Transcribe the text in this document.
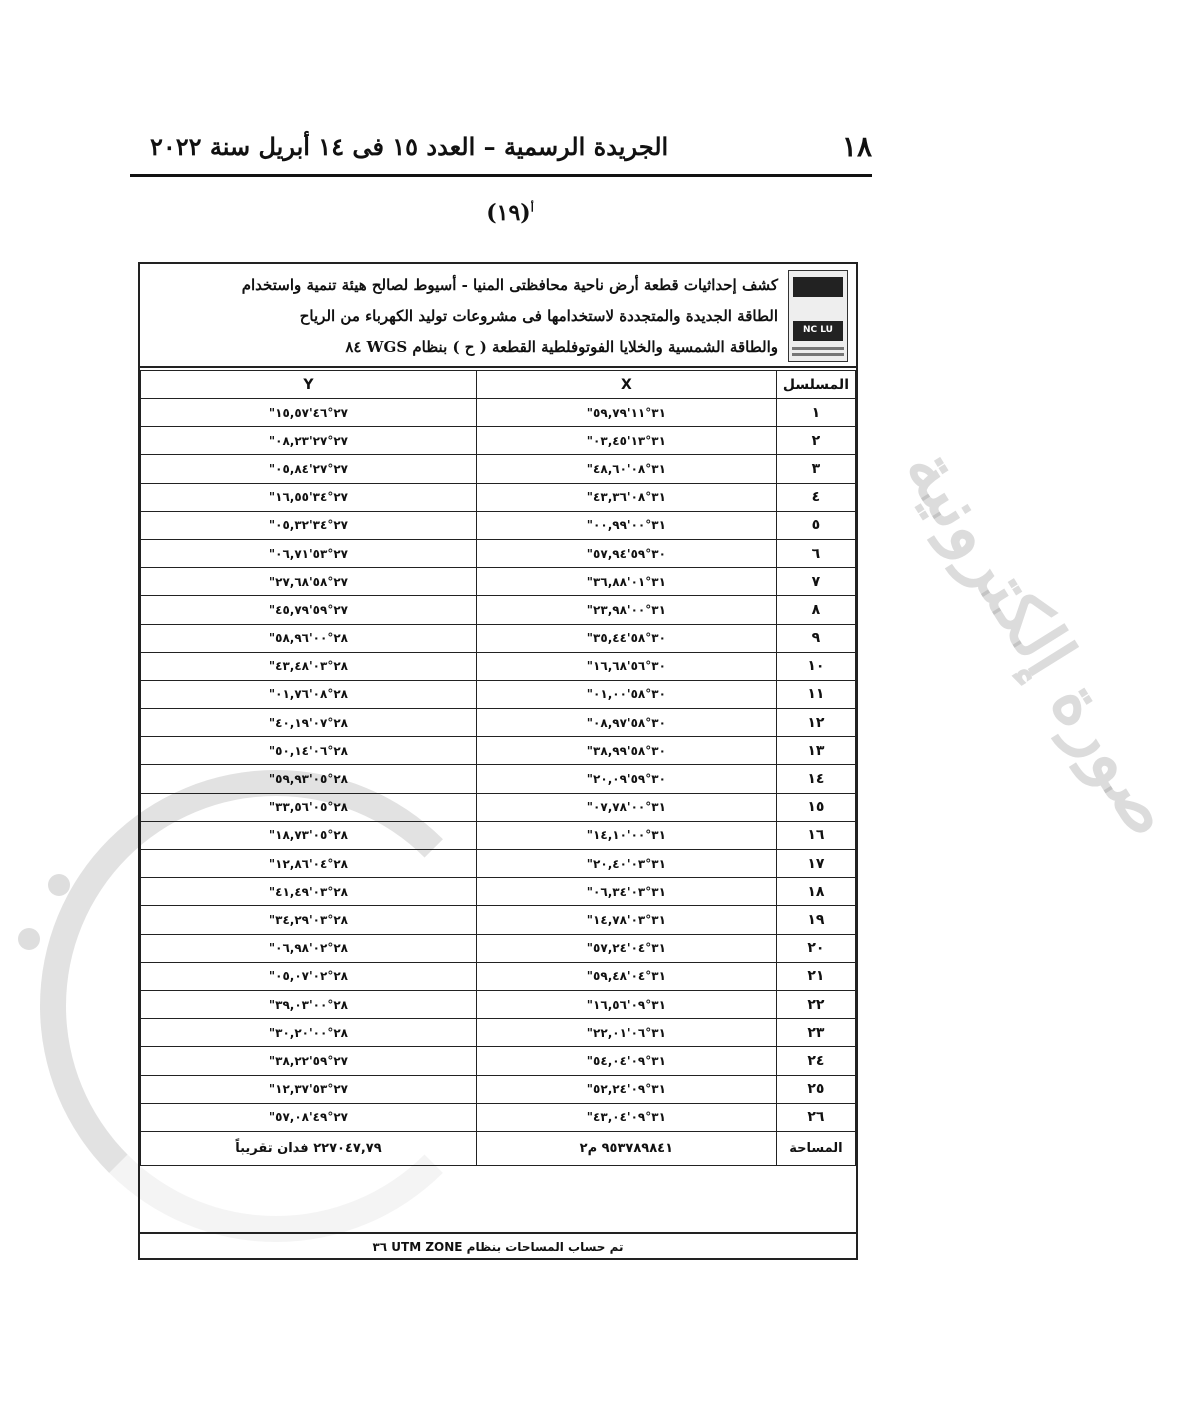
صورة إلكترونية
١٨
الجريدة الرسمية – العدد ١٥ فى ١٤ أبريل سنة ٢٠٢٢
$^أ$(١٩)
NC LU
كشف إحداثيات قطعة أرض ناحية محافظتى المنيا - أسيوط لصالح هيئة تنمية واستخدام
الطاقة الجديدة والمتجددة لاستخدامها فى مشروعات توليد الكهرباء من الرياح
والطاقة الشمسية والخلايا الفوتوفلطية القطعة ( ح ) بنظام WGS ٨٤
المسلسل	X	Y
١	٣١°١١'٥٩,٧٩"	٢٧°٤٦'١٥,٥٧"
٢	٣١°١٣'٠٣,٤٥"	٢٧°٢٧'٠٨,٢٣"
٣	٣١°٠٨'٤٨,٦٠"	٢٧°٢٧'٠٥,٨٤"
٤	٣١°٠٨'٤٣,٣٦"	٢٧°٣٤'١٦,٥٥"
٥	٣١°٠٠'٠٠,٩٩"	٢٧°٣٤'٠٥,٣٢"
٦	٣٠°٥٩'٥٧,٩٤"	٢٧°٥٣'٠٦,٧١"
٧	٣١°٠١'٣٦,٨٨"	٢٧°٥٨'٢٧,٦٨"
٨	٣١°٠٠'٢٣,٩٨"	٢٧°٥٩'٤٥,٧٩"
٩	٣٠°٥٨'٣٥,٤٤"	٢٨°٠٠'٥٨,٩٦"
١٠	٣٠°٥٦'١٦,٦٨"	٢٨°٠٣'٤٣,٤٨"
١١	٣٠°٥٨'٠١,٠٠"	٢٨°٠٨'٠١,٧٦"
١٢	٣٠°٥٨'٠٨,٩٧"	٢٨°٠٧'٤٠,١٩"
١٣	٣٠°٥٨'٣٨,٩٩"	٢٨°٠٦'٥٠,١٤"
١٤	٣٠°٥٩'٢٠,٠٩"	٢٨°٠٥'٥٩,٩٣"
١٥	٣١°٠٠'٠٧,٧٨"	٢٨°٠٥'٣٣,٥٦"
١٦	٣١°٠٠'١٤,١٠"	٢٨°٠٥'١٨,٧٣"
١٧	٣١°٠٣'٢٠,٤٠"	٢٨°٠٤'١٢,٨٦"
١٨	٣١°٠٣'٠٦,٣٤"	٢٨°٠٣'٤١,٤٩"
١٩	٣١°٠٣'١٤,٧٨"	٢٨°٠٣'٣٤,٢٩"
٢٠	٣١°٠٤'٥٧,٢٤"	٢٨°٠٢'٠٦,٩٨"
٢١	٣١°٠٤'٥٩,٤٨"	٢٨°٠٢'٠٥,٠٧"
٢٢	٣١°٠٩'١٦,٥٦"	٢٨°٠٠'٣٩,٠٣"
٢٣	٣١°٠٦'٢٢,٠١"	٢٨°٠٠'٣٠,٢٠"
٢٤	٣١°٠٩'٥٤,٠٤"	٢٧°٥٩'٣٨,٢٢"
٢٥	٣١°٠٩'٥٢,٢٤"	٢٧°٥٣'١٢,٣٧"
٢٦	٣١°٠٩'٤٣,٠٤"	٢٧°٤٩'٥٧,٠٨"
المساحة	٩٥٣٧٨٩٨٤١ م٢	٢٢٧٠٤٧,٧٩ فدان تقريباً
تم حساب المساحات بنظام UTM ZONE ٣٦
